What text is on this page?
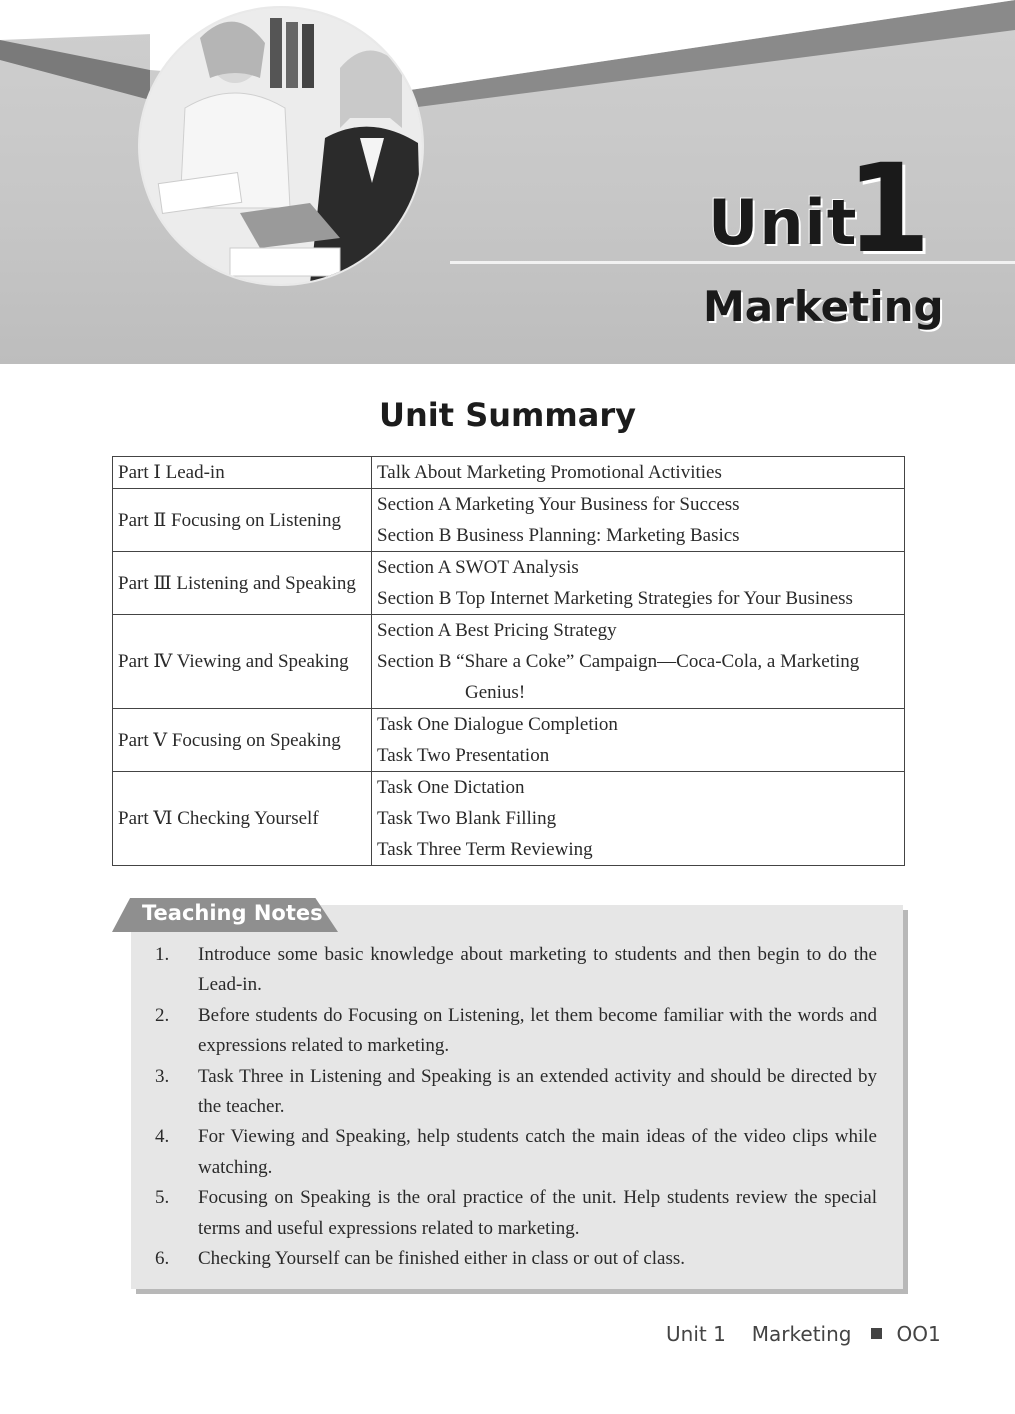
Unit
1
Marketing
Unit Summary
Part Ⅰ Lead-in	Talk About Marketing Promotional Activities

Part Ⅱ Focusing on Listening	Section A Marketing Your Business for Success
Section B Business Planning: Marketing Basics

Part Ⅲ Listening and Speaking	Section A SWOT Analysis
Section B Top Internet Marketing Strategies for Your Business

Part Ⅳ Viewing and Speaking	Section A Best Pricing Strategy
Section B “Share a Coke” Campaign—Coca-Cola, a Marketing
Genius!

Part Ⅴ Focusing on Speaking	Task One Dialogue Completion
Task Two Presentation

Part Ⅵ Checking Yourself	Task One Dictation
Task Two Blank Filling
Task Three Term Reviewing
Teaching Notes
1.	Introduce some basic knowledge about marketing to students and then begin to do the Lead-in.
2.	Before students do Focusing on Listening, let them become familiar with the words and expressions related to marketing.
3.	Task Three in Listening and Speaking is an extended activity and should be directed by the teacher.
4.	For Viewing and Speaking, help students catch the main ideas of the video clips while watching.
5.	Focusing on Speaking is the oral practice of the unit. Help students review the special terms and useful expressions related to marketing.
6.	Checking Yourself can be finished either in class or out of class.
Unit 1 Marketing OO1
